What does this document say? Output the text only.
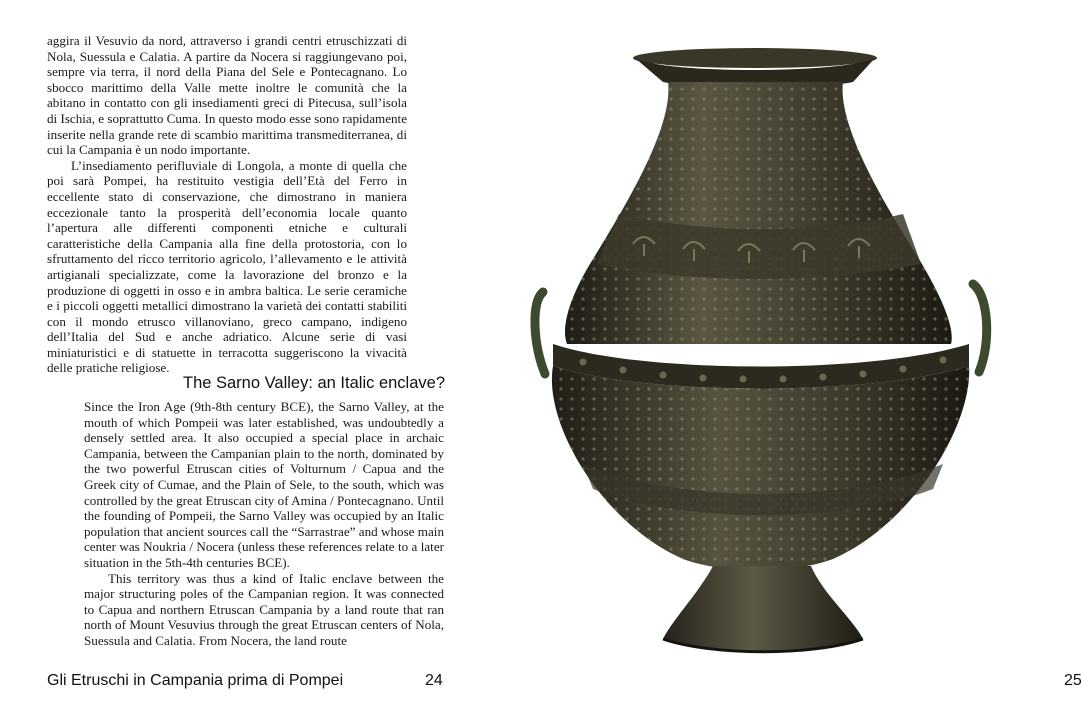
aggira il Vesuvio da nord, attraverso i grandi centri etruschizzati di Nola, Suessula e Calatia. A partire da Nocera si raggiungevano poi, sempre via terra, il nord della Piana del Sele e Pontecagnano. Lo sbocco marittimo della Valle mette inoltre le comunità che la abitano in contatto con gli insediamenti greci di Pitecusa, sull’isola di Ischia, e soprattutto Cuma. In questo modo esse sono rapidamente inserite nella grande rete di scambio marittima transmediterranea, di cui la Campania è un nodo importante.

L’insediamento perifluviale di Longola, a monte di quella che poi sarà Pompei, ha restituito vestigia dell’Età del Ferro in eccellente stato di conservazione, che dimostrano in maniera eccezionale tanto la prosperità dell’economia locale quanto l’apertura alle differenti componenti etniche e culturali caratteristiche della Campania alla fine della protostoria, con lo sfruttamento del ricco territorio agricolo, l’allevamento e le attività artigianali specializzate, come la lavorazione del bronzo e la produzione di oggetti in osso e in ambra baltica. Le serie ceramiche e i piccoli oggetti metallici dimostrano la varietà dei contatti stabiliti con il mondo etrusco villanoviano, greco campano, indigeno dell’Italia del Sud e anche adriatico. Alcune serie di vasi miniaturistici e di statuette in terracotta suggeriscono la vivacità delle pratiche religiose.

The Sarno Valley: an Italic enclave?

Since the Iron Age (9th-8th century BCE), the Sarno Valley, at the mouth of which Pompeii was later established, was undoubtedly a densely settled area. It also occupied a special place in archaic Campania, between the Campanian plain to the north, dominated by the two powerful Etruscan cities of Volturnum / Capua and the Greek city of Cumae, and the Plain of Sele, to the south, which was controlled by the great Etruscan city of Amina / Pontecagnano. Until the founding of Pompeii, the Sarno Valley was occupied by an Italic population that ancient sources call the “Sarrastrae” and whose main center was Noukria / Nocera (unless these references relate to a later situation in the 5th-4th centuries BCE).

This territory was thus a kind of Italic enclave between the major structuring poles of the Campanian region. It was connected to Capua and northern Etruscan Campania by a land route that ran north of Mount Vesuvius through the great Etruscan centers of Nola, Suessula and Calatia. From Nocera, the land route

Gli Etruschi in Campania prima di Pompei	24	25
